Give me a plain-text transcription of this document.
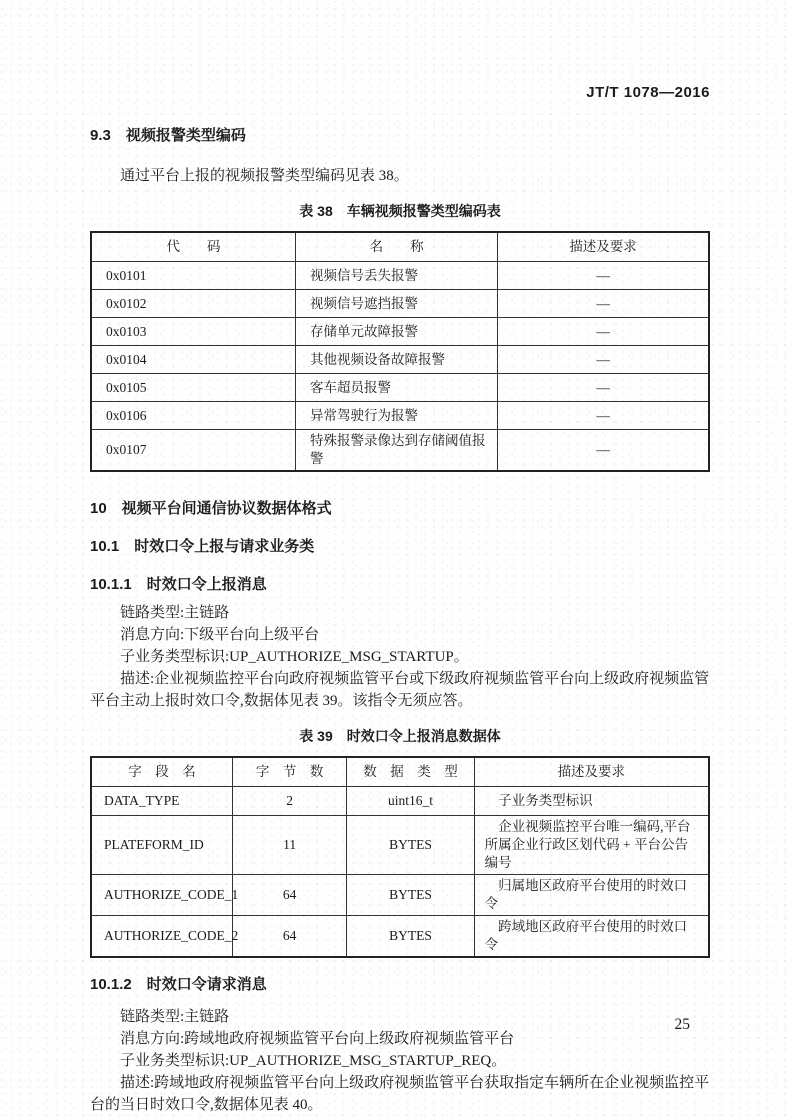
JT/T 1078—2016
9.3　视频报警类型编码

通过平台上报的视频报警类型编码见表 38。

表 38　车辆视频报警类型编码表
代　　码	名　　称	描述及要求
0x0101	视频信号丢失报警	—
0x0102	视频信号遮挡报警	—
0x0103	存储单元故障报警	—
0x0104	其他视频设备故障报警	—
0x0105	客车超员报警	—
0x0106	异常驾驶行为报警	—
0x0107	特殊报警录像达到存储阈值报警	—
10　视频平台间通信协议数据体格式
10.1　时效口令上报与请求业务类
10.1.1　时效口令上报消息

链路类型:主链路

消息方向:下级平台向上级平台

子业务类型标识:UP_AUTHORIZE_MSG_STARTUP。

描述:企业视频监控平台向政府视频监管平台或下级政府视频监管平台向上级政府视频监管平台主动上报时效口令,数据体见表 39。该指令无须应答。

表 39　时效口令上报消息数据体
字　段　名	字　节　数	数　据　类　型	描述及要求
DATA_TYPE	2	uint16_t	子业务类型标识
PLATEFORM_ID	11	BYTES	企业视频监控平台唯一编码,平台所属企业行政区划代码 + 平台公告编号
AUTHORIZE_CODE_1	64	BYTES	归属地区政府平台使用的时效口令
AUTHORIZE_CODE_2	64	BYTES	跨域地区政府平台使用的时效口令
10.1.2　时效口令请求消息

链路类型:主链路

消息方向:跨域地政府视频监管平台向上级政府视频监管平台

子业务类型标识:UP_AUTHORIZE_MSG_STARTUP_REQ。

描述:跨域地政府视频监管平台向上级政府视频监管平台获取指定车辆所在企业视频监控平台的当日时效口令,数据体见表 40。

25
